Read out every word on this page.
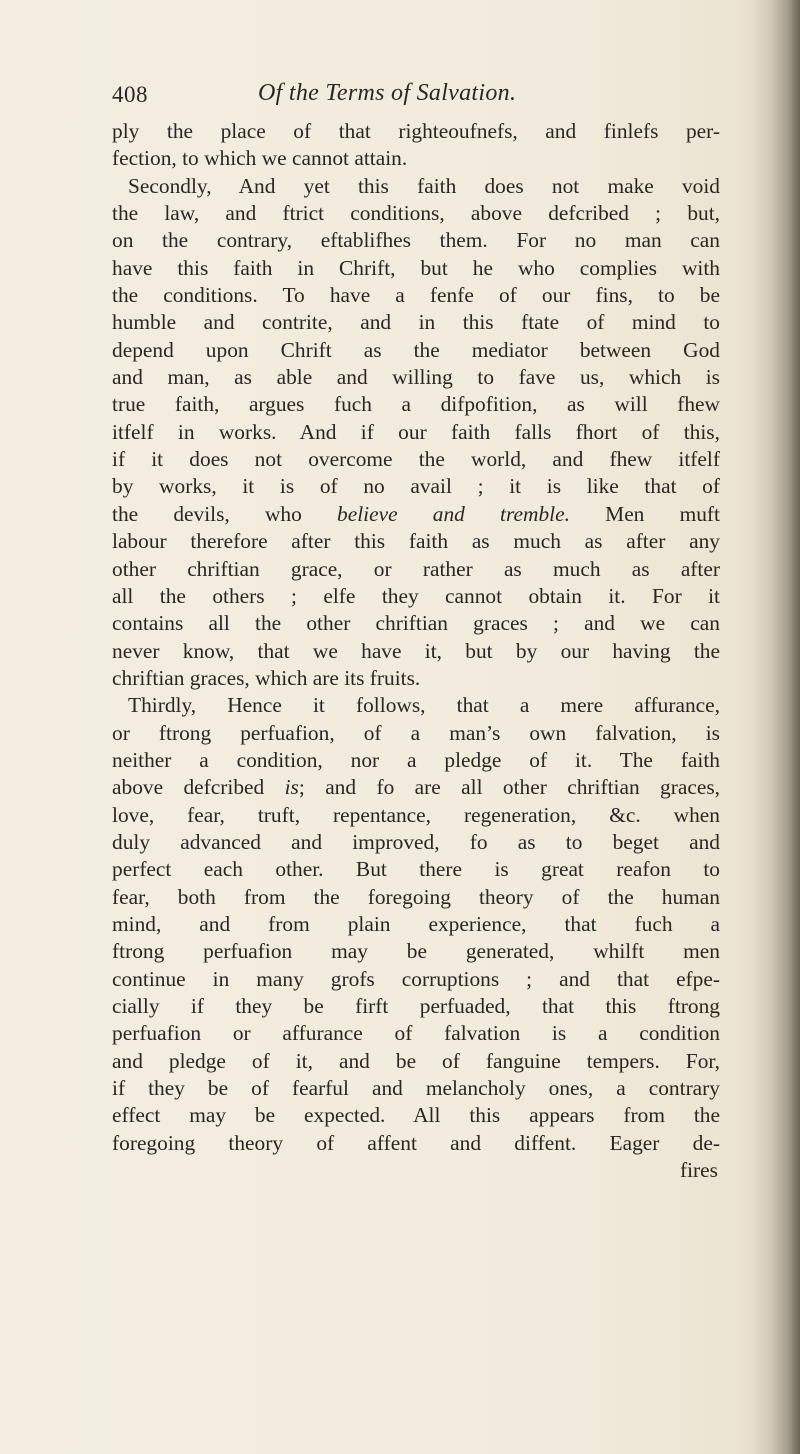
408	Of the Terms of Salvation.
ply the place of that righteoufnefs, and finlefs per-
fection, to which we cannot attain.
Secondly, And yet this faith does not make void
the law, and ftrict conditions, above defcribed ; but,
on the contrary, eftablifhes them. For no man can
have this faith in Chrift, but he who complies with
the conditions. To have a fenfe of our fins, to be
humble and contrite, and in this ftate of mind to
depend upon Chrift as the mediator between God
and man, as able and willing to fave us, which is
true faith, argues fuch a difpofition, as will fhew
itfelf in works. And if our faith falls fhort of this,
if it does not overcome the world, and fhew itfelf
by works, it is of no avail ; it is like that of
the devils, who believe and tremble. Men muft
labour therefore after this faith as much as after any
other chriftian grace, or rather as much as after
all the others ; elfe they cannot obtain it. For it
contains all the other chriftian graces ; and we can
never know, that we have it, but by our having the
chriftian graces, which are its fruits.
Thirdly, Hence it follows, that a mere affurance,
or ftrong perfuafion, of a man’s own falvation, is
neither a condition, nor a pledge of it. The faith
above defcribed is; and fo are all other chriftian graces,
love, fear, truft, repentance, regeneration, &c. when
duly advanced and improved, fo as to beget and
perfect each other. But there is great reafon to
fear, both from the foregoing theory of the human
mind, and from plain experience, that fuch a
ftrong perfuafion may be generated, whilft men
continue in many grofs corruptions ; and that efpe-
cially if they be firft perfuaded, that this ftrong
perfuafion or affurance of falvation is a condition
and pledge of it, and be of fanguine tempers. For,
if they be of fearful and melancholy ones, a contrary
effect may be expected. All this appears from the
foregoing theory of affent and diffent. Eager de-
fires
